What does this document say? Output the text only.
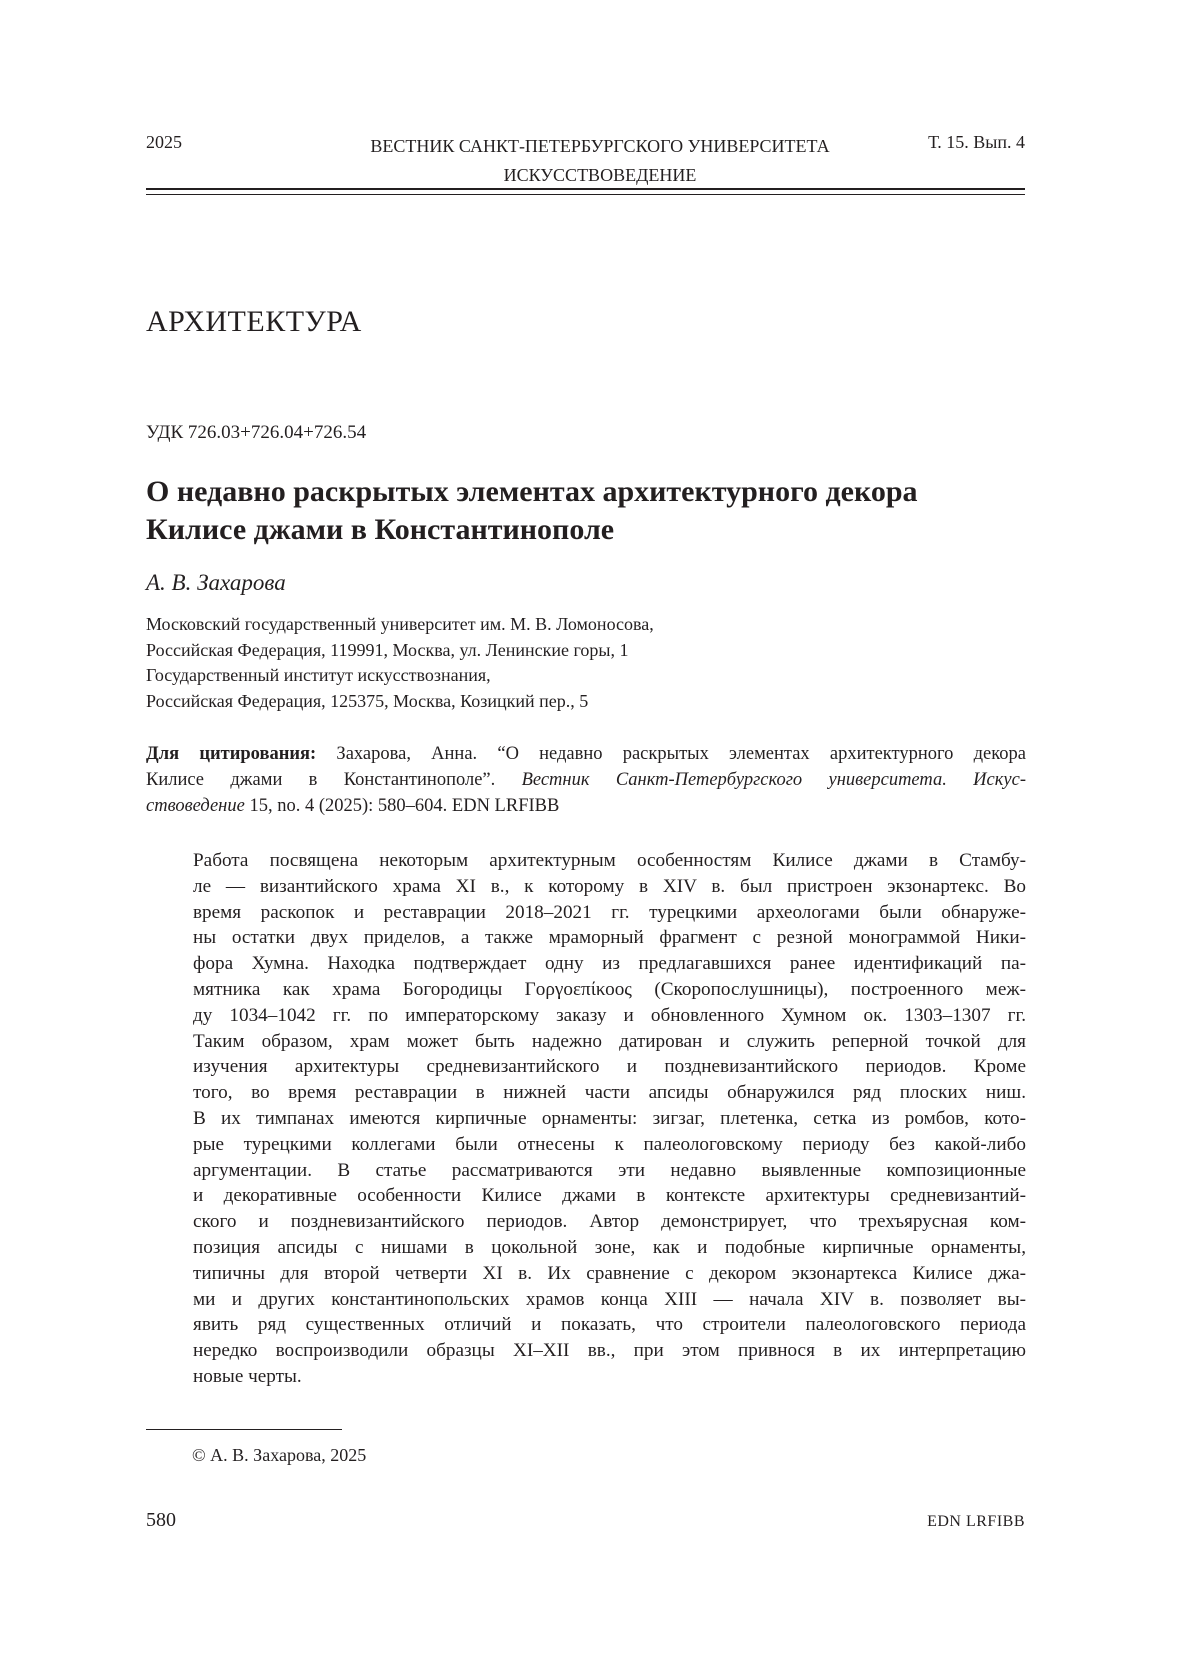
2025	ВЕСТНИК САНКТ-ПЕТЕРБУРГСКОГО УНИВЕРСИТЕТА
ИСКУССТВОВЕДЕНИЕ
Т. 15. Вып. 4
АРХИТЕКТУРА
УДК 726.03+726.04+726.54
О недавно раскрытых элементах архитектурного декора
Килисе джами в Константинополе
А. В. Захарова
Московский государственный университет им. М. В. Ломоносова,
Российская Федерация, 119991, Москва, ул. Ленинские горы, 1
Государственный институт искусствознания,
Российская Федерация, 125375, Москва, Козицкий пер., 5
Для цитирования: Захарова, Анна. “О недавно раскрытых элементах архитектурного декора
Килисе джами в Константинополе”. Вестник Санкт-Петербургского университета. Искус-
ствоведение 15, no. 4 (2025): 580–604. EDN LRFIBB
Работа посвящена некоторым архитектурным особенностям Килисе джами в Стамбу-
ле — византийского храма XI в., к которому в XIV в. был пристроен экзонартекс. Во
время раскопок и реставрации 2018–2021 гг. турецкими археологами были обнаруже-
ны остатки двух приделов, а также мраморный фрагмент с резной монограммой Ники-
фора Хумна. Находка подтверждает одну из предлагавшихся ранее идентификаций па-
мятника как храма Богородицы Γοργοεπίκοος (Скоропослушницы), построенного меж-
ду 1034–1042 гг. по императорскому заказу и обновленного Хумном ок. 1303–1307 гг.
Таким образом, храм может быть надежно датирован и служить реперной точкой для
изучения архитектуры средневизантийского и поздневизантийского периодов. Кроме
того, во время реставрации в нижней части апсиды обнаружился ряд плоских ниш.
В их тимпанах имеются кирпичные орнаменты: зигзаг, плетенка, сетка из ромбов, кото-
рые турецкими коллегами были отнесены к палеологовскому периоду без какой-либо
аргументации. В статье рассматриваются эти недавно выявленные композиционные
и декоративные особенности Килисе джами в контексте архитектуры средневизантий-
ского и поздневизантийского периодов. Автор демонстрирует, что трехъярусная ком-
позиция апсиды с нишами в цокольной зоне, как и подобные кирпичные орнаменты,
типичны для второй четверти XI в. Их сравнение с декором экзонартекса Килисе джа-
ми и других константинопольских храмов конца XIII — начала XIV в. позволяет вы-
явить ряд существенных отличий и показать, что строители палеологовского периода
нередко воспроизводили образцы XI–XII вв., при этом привнося в их интерпретацию
новые черты.
© А. В. Захарова, 2025
580	EDN LRFIBB
